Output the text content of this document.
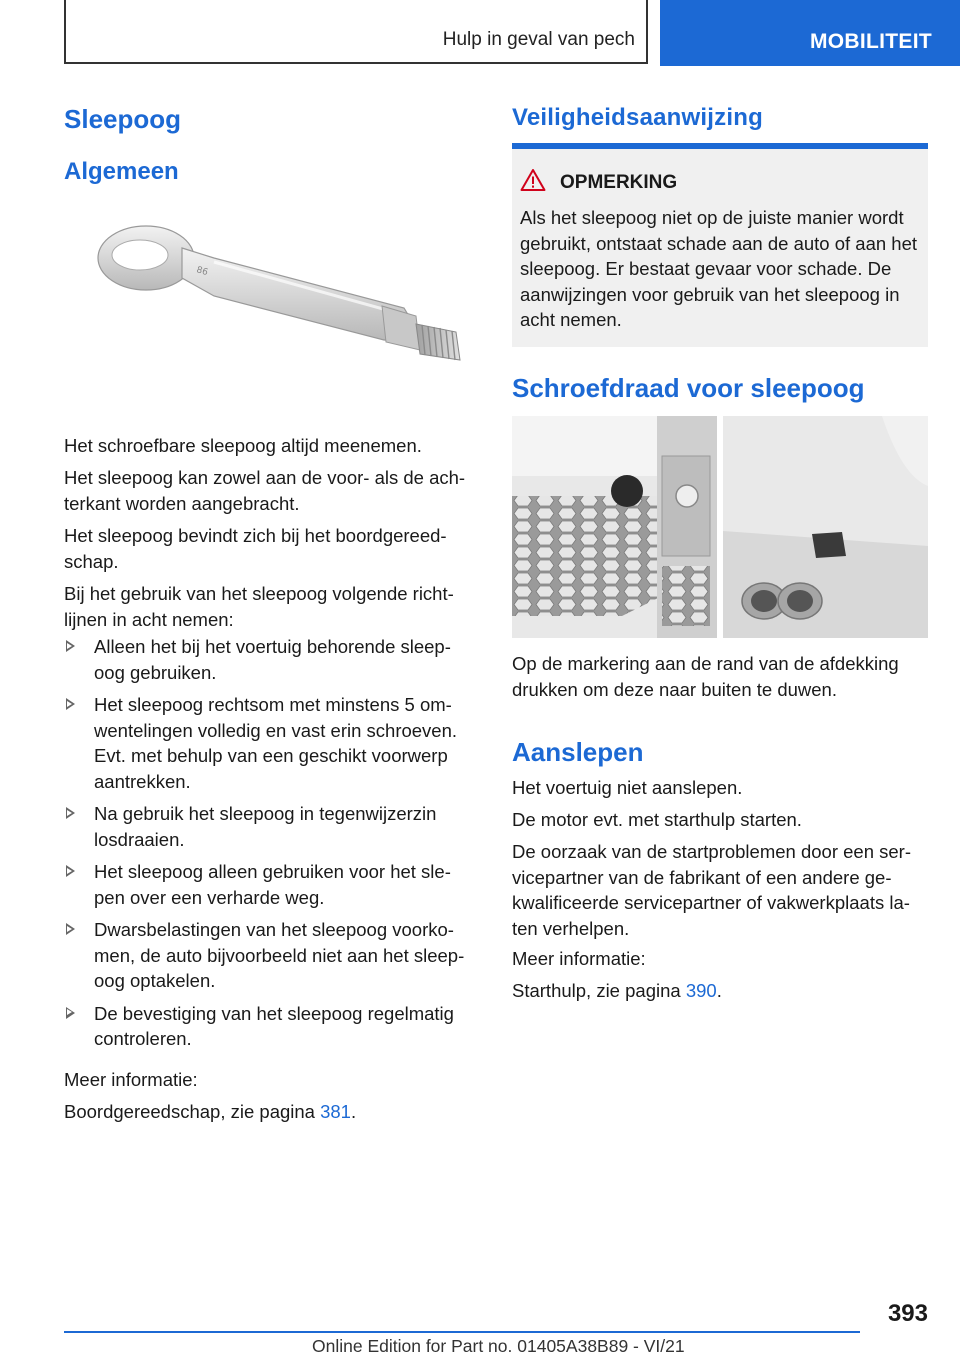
Hulp in geval van pech	MOBILITEIT
Sleepoog
Algemeen
86
Het schroefbare sleepoog altijd meenemen.
Het sleepoog kan zowel aan de voor- als de ach-terkant worden aangebracht.
Het sleepoog bevindt zich bij het boordgereed-schap.
Bij het gebruik van het sleepoog volgende richt-lijnen in acht nemen:
Alleen het bij het voertuig behorende sleep-oog gebruiken.
Het sleepoog rechtsom met minstens 5 om-wentelingen volledig en vast erin schroeven. Evt. met behulp van een geschikt voorwerp aantrekken.
Na gebruik het sleepoog in tegenwijzerzin losdraaien.
Het sleepoog alleen gebruiken voor het sle-pen over een verharde weg.
Dwarsbelastingen van het sleepoog voorko-men, de auto bijvoorbeeld niet aan het sleep-oog optakelen.
De bevestiging van het sleepoog regelmatig controleren.
Meer informatie:
Boordgereedschap, zie pagina 381.
Veiligheidsaanwijzing
OPMERKING
Als het sleepoog niet op de juiste manier wordt gebruikt, ontstaat schade aan de auto of aan het sleepoog. Er bestaat gevaar voor schade. De aanwijzingen voor gebruik van het sleepoog in acht nemen.
Schroefdraad voor sleepoog
Op de markering aan de rand van de afdekking drukken om deze naar buiten te duwen.
Aanslepen
Het voertuig niet aanslepen.
De motor evt. met starthulp starten.
De oorzaak van de startproblemen door een ser-vicepartner van de fabrikant of een andere ge-kwalificeerde servicepartner of vakwerkplaats la-ten verhelpen.
Meer informatie:
Starthulp, zie pagina 390.
393
Online Edition for Part no. 01405A38B89 - VI/21
